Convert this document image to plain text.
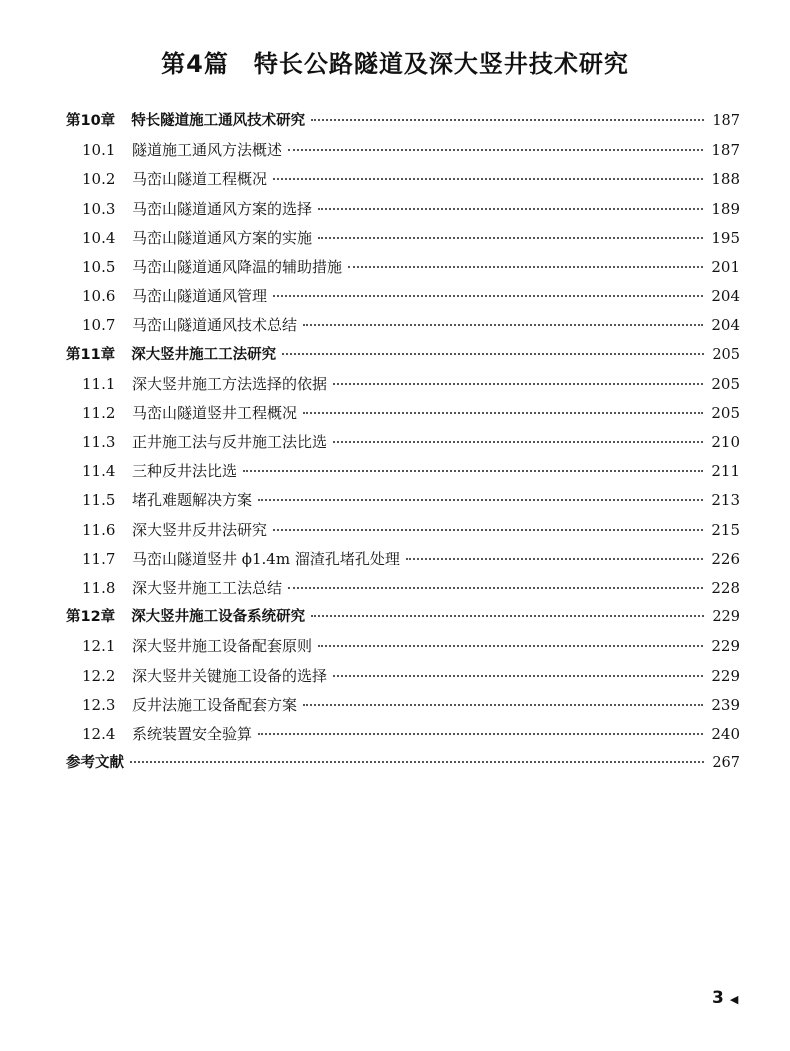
第4篇　特长公路隧道及深大竖井技术研究
第10章 特长隧道施工通风技术研究	187
10.1	隧道施工通风方法概述	187
10.2	马峦山隧道工程概况	188
10.3	马峦山隧道通风方案的选择	189
10.4	马峦山隧道通风方案的实施	195
10.5	马峦山隧道通风降温的辅助措施	201
10.6	马峦山隧道通风管理	204
10.7	马峦山隧道通风技术总结	204
第11章 深大竖井施工工法研究	205
11.1	深大竖井施工方法选择的依据	205
11.2	马峦山隧道竖井工程概况	205
11.3	正井施工法与反井施工法比选	210
11.4	三种反井法比选	211
11.5	堵孔难题解决方案	213
11.6	深大竖井反井法研究	215
11.7	马峦山隧道竖井 ϕ1.4m 溜渣孔堵孔处理	226
11.8	深大竖井施工工法总结	228
第12章 深大竖井施工设备系统研究	229
12.1	深大竖井施工设备配套原则	229
12.2	深大竖井关键施工设备的选择	229
12.3	反井法施工设备配套方案	239
12.4	系统装置安全验算	240
参考文献	267
3 ◀
